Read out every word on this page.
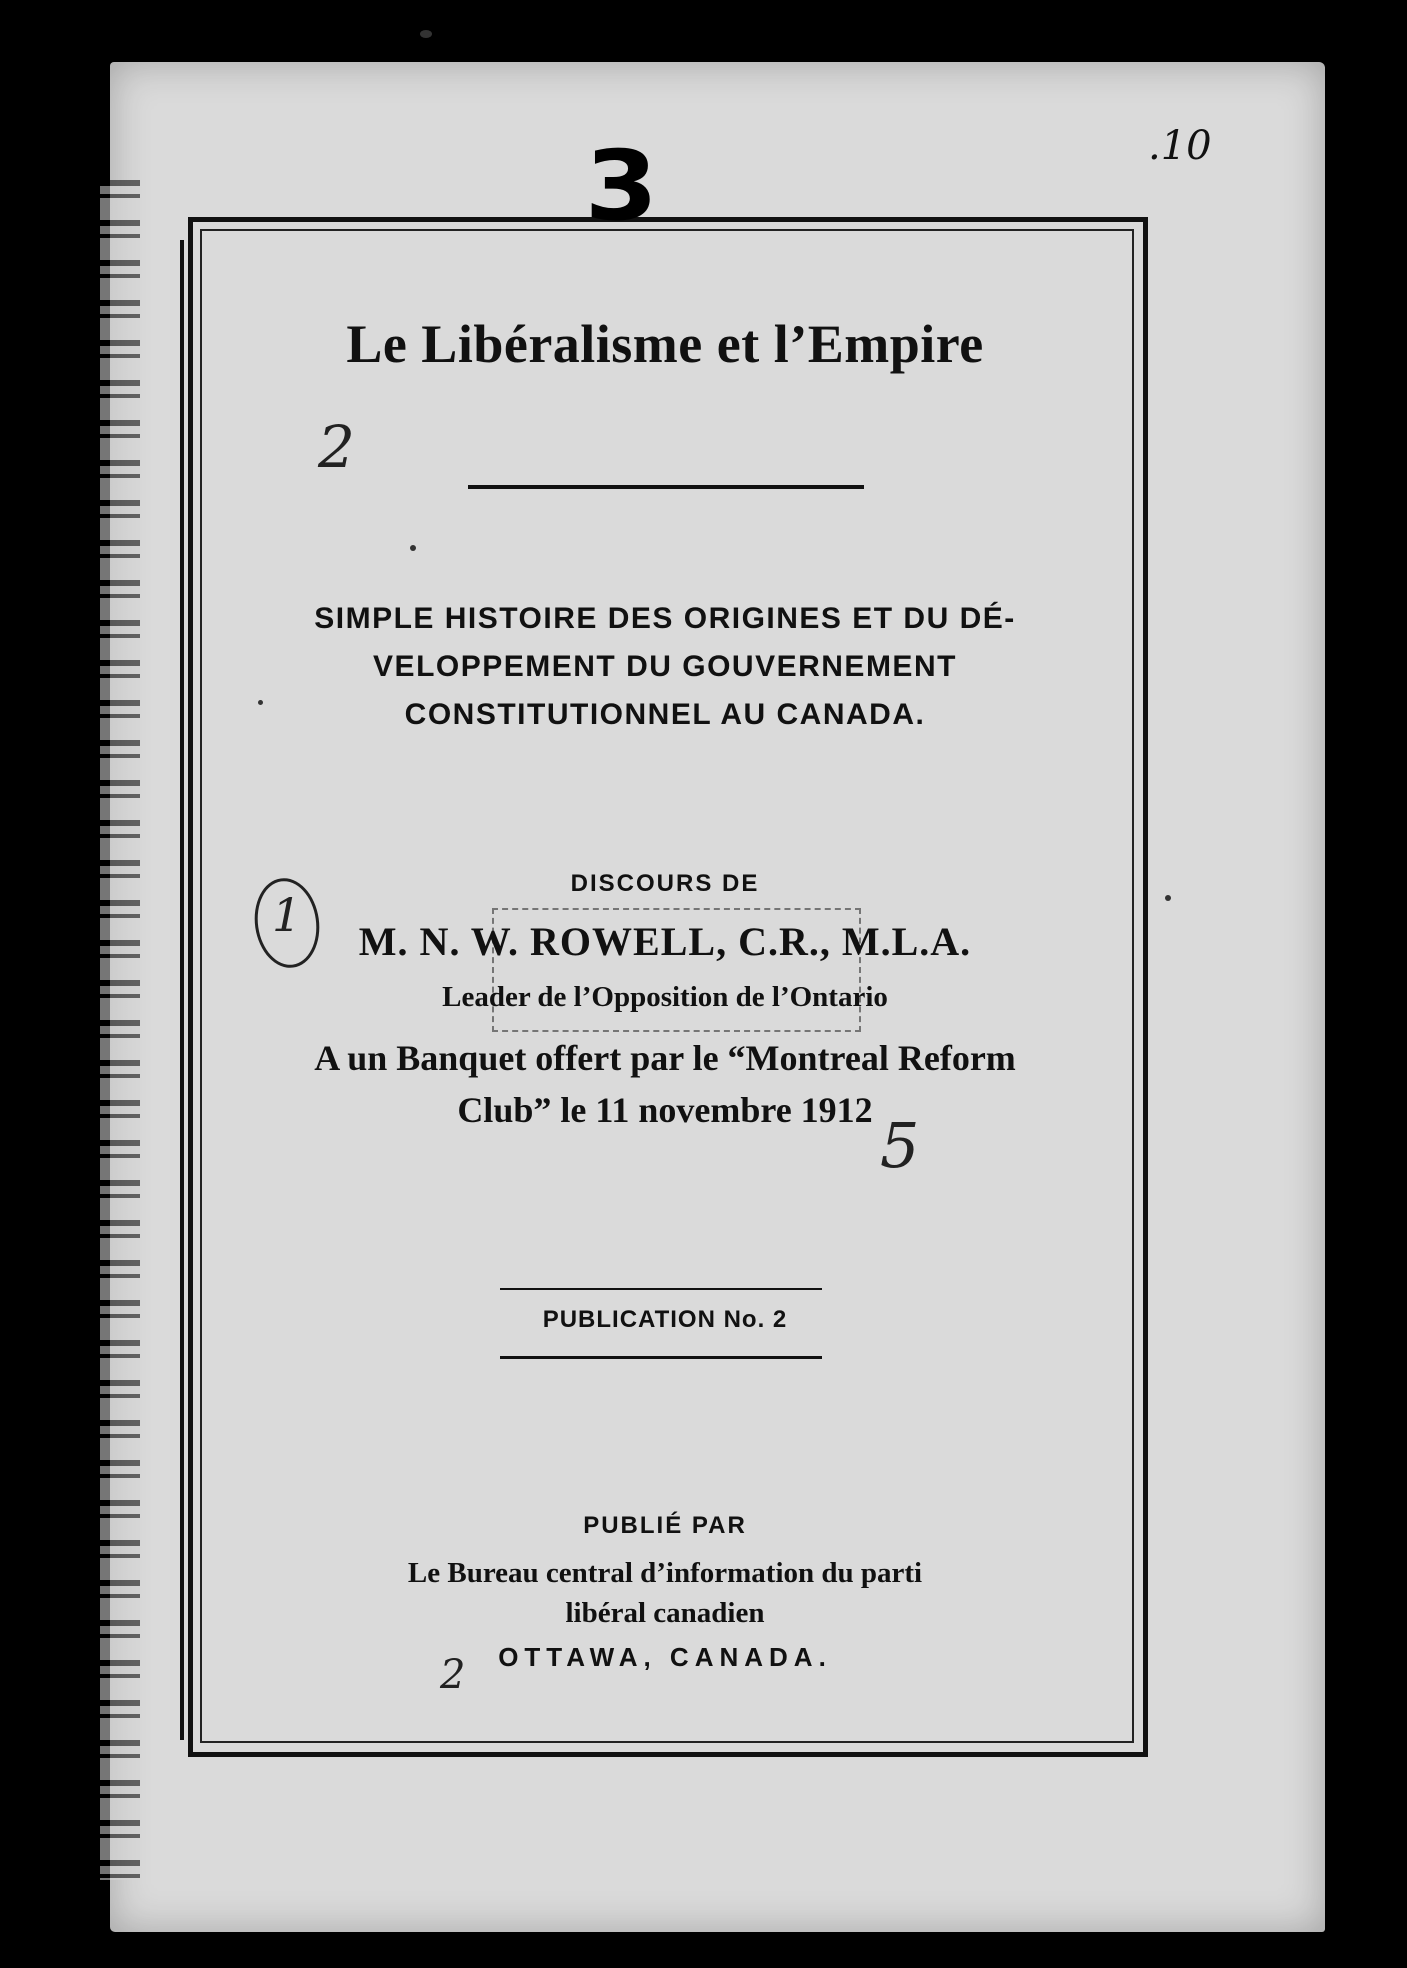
3	.10
2
1
5
2
Le Libéralisme et l’Empire
SIMPLE HISTOIRE DES ORIGINES ET DU DÉ-
VELOPPEMENT DU GOUVERNEMENT
CONSTITUTIONNEL AU CANADA.
DISCOURS DE
M. N. W. ROWELL, C.R., M.L.A.
Leader de l’Opposition de l’Ontario
A un Banquet offert par le “Montreal Reform
Club” le 11 novembre 1912
PUBLICATION No. 2
PUBLIÉ PAR
Le Bureau central d’information du parti
libéral canadien
OTTAWA, CANADA.
